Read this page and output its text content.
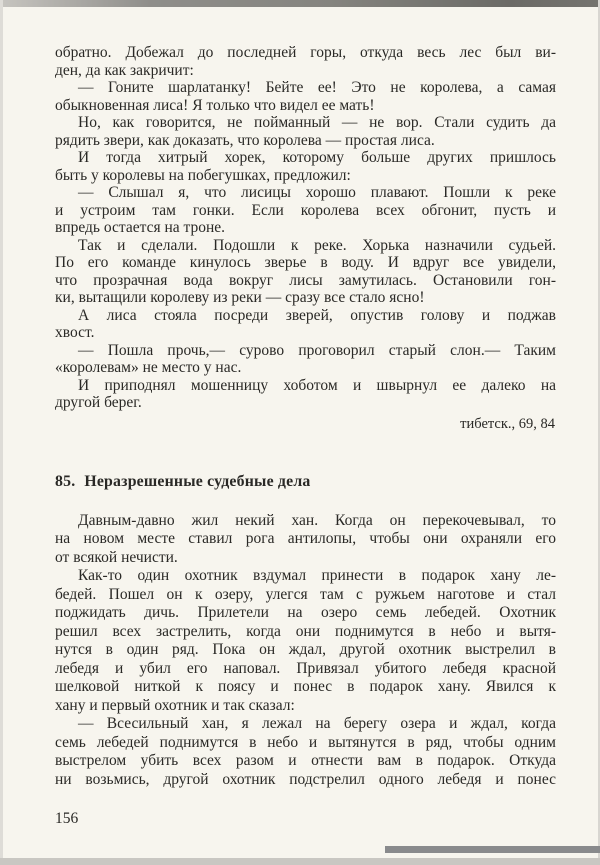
обратно. Добежал до последней горы, откуда весь лес был ви-
ден, да как закричит:
— Гоните шарлатанку! Бейте ее! Это не королева, а самая
обыкновенная лиса! Я только что видел ее мать!
Но, как говорится, не пойманный — не вор. Стали судить да
рядить звери, как доказать, что королева — простая лиса.
И тогда хитрый хорек, которому больше других пришлось
быть у королевы на побегушках, предложил:
— Слышал я, что лисицы хорошо плавают. Пошли к реке
и устроим там гонки. Если королева всех обгонит, пусть и
впредь остается на троне.
Так и сделали. Подошли к реке. Хорька назначили судьей.
По его команде кинулось зверье в воду. И вдруг все увидели,
что прозрачная вода вокруг лисы замутилась. Остановили гон-
ки, вытащили королеву из реки — сразу все стало ясно!
А лиса стояла посреди зверей, опустив голову и поджав
хвост.
— Пошла прочь,— сурово проговорил старый слон.— Таким
«королевам» не место у нас.
И приподнял мошенницу хоботом и швырнул ее далеко на
другой берег.
тибетск., 69, 84
85. Неразрешенные судебные дела
Давным-давно жил некий хан. Когда он перекочевывал, то
на новом месте ставил рога антилопы, чтобы они охраняли его
от всякой нечисти.
Как-то один охотник вздумал принести в подарок хану ле-
бедей. Пошел он к озеру, улегся там с ружьем наготове и стал
поджидать дичь. Прилетели на озеро семь лебедей. Охотник
решил всех застрелить, когда они поднимутся в небо и вытя-
нутся в один ряд. Пока он ждал, другой охотник выстрелил в
лебедя и убил его наповал. Привязал убитого лебедя красной
шелковой ниткой к поясу и понес в подарок хану. Явился к
хану и первый охотник и так сказал:
— Всесильный хан, я лежал на берегу озера и ждал, когда
семь лебедей поднимутся в небо и вытянутся в ряд, чтобы одним
выстрелом убить всех разом и отнести вам в подарок. Откуда
ни возьмись, другой охотник подстрелил одного лебедя и понес
156
